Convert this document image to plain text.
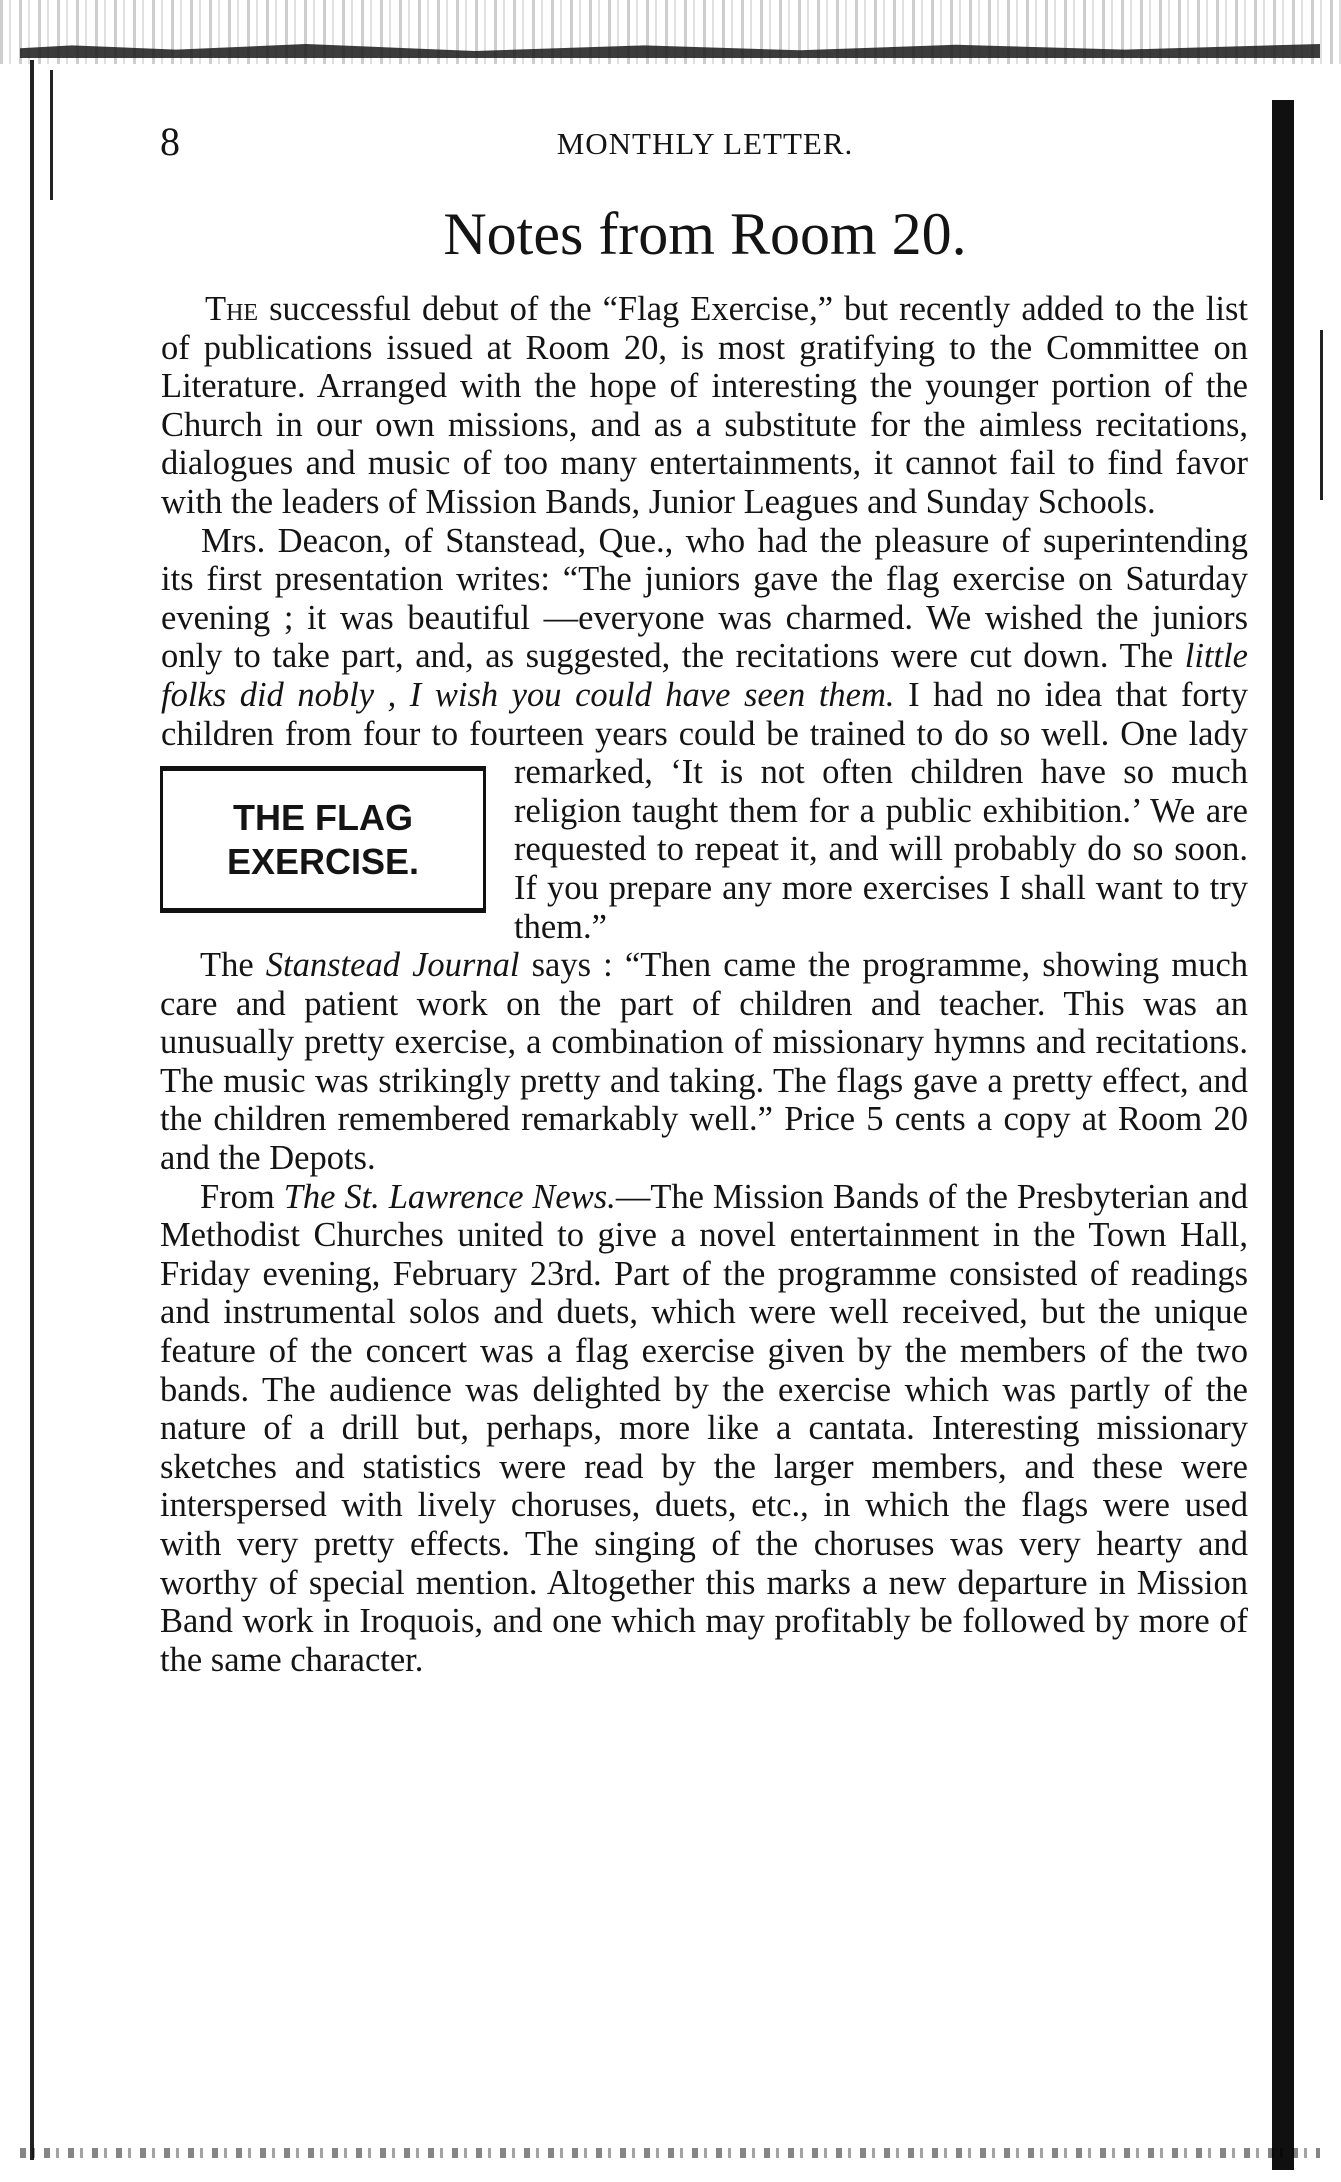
8	MONTHLY LETTER.
Notes from Room 20.
THE FLAG
EXERCISE.

The successful debut of the “Flag Exercise,” but recently added to the list of publications issued at Room 20, is most gratifying to the Committee on Literature. Arranged with the hope of interesting the younger portion of the Church in our own missions, and as a substitute for the aimless recitations, dialogues and music of too many entertainments, it cannot fail to find favor with the leaders of Mission Bands, Junior Leagues and Sunday Schools.

Mrs. Deacon, of Stanstead, Que., who had the pleasure of superintending its first presentation writes: “The juniors gave the flag exercise on Saturday evening ; it was beautiful —everyone was charmed. We wished the juniors only to take part, and, as suggested, the recitations were cut down. The little folks did nobly , I wish you could have seen them. I had no idea that forty children from four to fourteen years could be trained to do so well. One lady remarked, ‘It is not often children have so much religion taught them for a public exhibition.’ We are requested to repeat it, and will probably do so soon. If you prepare any more exercises I shall want to try them.”

The Stanstead Journal says : “Then came the programme, showing much care and patient work on the part of children and teacher. This was an unusually pretty exercise, a combination of missionary hymns and recitations. The music was strikingly pretty and taking. The flags gave a pretty effect, and the children remembered remarkably well.” Price 5 cents a copy at Room 20 and the Depots.

From The St. Lawrence News.—The Mission Bands of the Presbyterian and Methodist Churches united to give a novel entertainment in the Town Hall, Friday evening, February 23rd. Part of the programme consisted of readings and instrumental solos and duets, which were well received, but the unique feature of the concert was a flag exercise given by the members of the two bands. The audience was delighted by the exercise which was partly of the nature of a drill but, perhaps, more like a cantata. Interesting missionary sketches and statistics were read by the larger members, and these were interspersed with lively choruses, duets, etc., in which the flags were used with very pretty effects. The singing of the choruses was very hearty and worthy of special mention. Altogether this marks a new departure in Mission Band work in Iroquois, and one which may profitably be followed by more of the same character.
